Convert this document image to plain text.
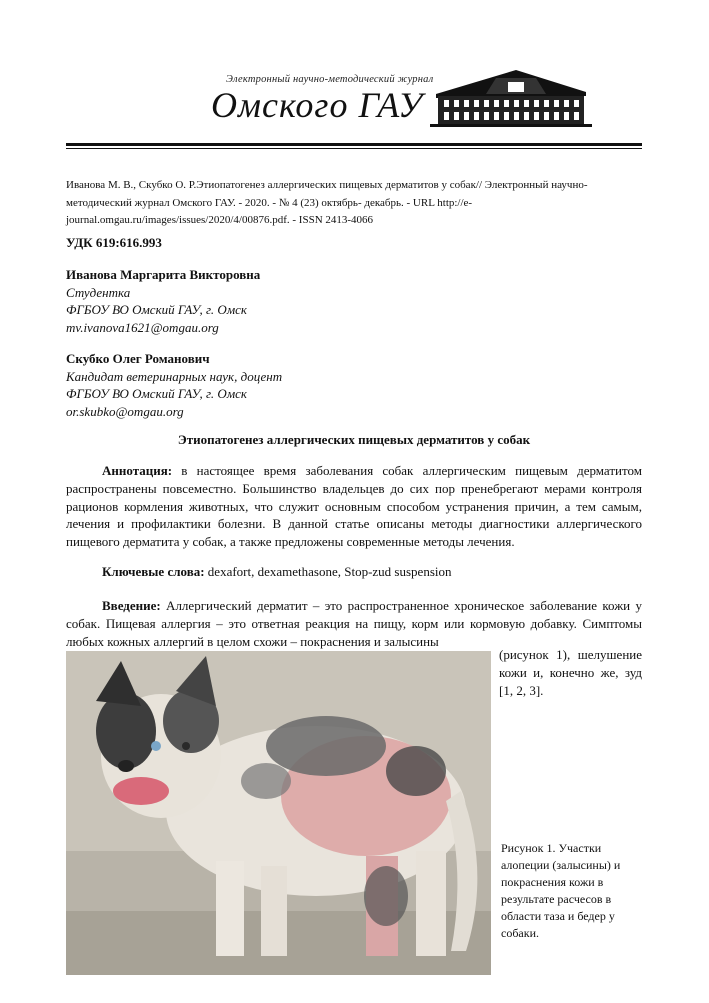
Электронный научно-методический журнал
Омского ГАУ
Иванова М. В., Скубко О. Р.Этиопатогенез аллергических пищевых дерматитов у собак// Электронный научно-методический журнал Омского ГАУ. - 2020. - № 4 (23) октябрь- декабрь. - URL http://e-journal.omgau.ru/images/issues/2020/4/00876.pdf. - ISSN 2413-4066
УДК 619:616.993
Иванова Маргарита Викторовна
Студентка
ФГБОУ ВО Омский ГАУ, г. Омск
mv.ivanova1621@omgau.org
Скубко Олег Романович
Кандидат ветеринарных наук, доцент
ФГБОУ ВО Омский ГАУ, г. Омск
or.skubko@omgau.org
Этиопатогенез аллергических пищевых дерматитов у собак
Аннотация: в настоящее время заболевания собак аллергическим пищевым дерматитом распространены повсеместно. Большинство владельцев до сих пор пренебрегают мерами контроля рационов кормления животных, что служит основным способом устранения причин, а тем самым, лечения и профилактики болезни. В данной статье описаны методы диагностики аллергического пищевого дерматита у собак, а также предложены современные методы лечения.
Ключевые слова: dexafort, dexamethasone, Stop-zud suspension
Введение: Аллергический дерматит – это распространенное хроническое заболевание кожи у собак. Пищевая аллергия – это ответная реакция на пищу, корм или кормовую добавку. Симптомы любых кожных аллергий в целом схожи – покраснения и залысины
(рисунок 1), шелушение кожи и, конечно же, зуд [1, 2, 3].
Рисунок 1. Участки алопеции (залысины) и покраснения кожи в результате расчесов в области таза и бедер у собаки.
